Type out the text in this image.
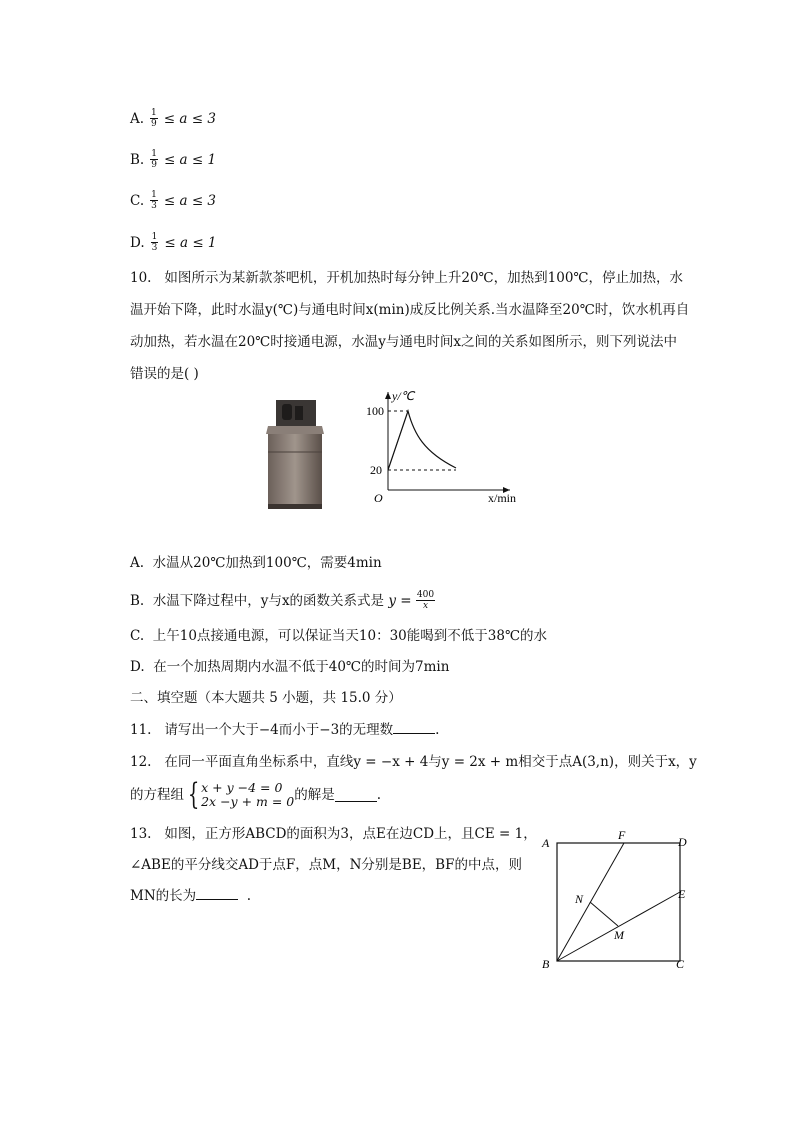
A. $\frac{1}{9} \le a \le 3$
B. $\frac{1}{9} \le a \le 1$
C. $\frac{1}{3} \le a \le 3$
D. $\frac{1}{3} \le a \le 1$
10. 如图所示为某新款茶吧机，开机加热时每分钟上升20℃，加热到100℃，停止加热，水
温开始下降，此时水温y(℃)与通电时间x(min)成反比例关系.当水温降至20℃时，饮水机再自
动加热，若水温在20℃时接通电源，水温y与通电时间x之间的关系如图所示，则下列说法中
错误的是( )
y/℃
100
20
O	x/min
A. 水温从20℃加热到100℃，需要4min
B.
水温下降过程中，y与x的函数关系式是
y =
$\frac{400}{x}$
C. 上午10点接通电源，可以保证当天10：30能喝到不低于38℃的水
D. 在一个加热周期内水温不低于40℃的时间为7min
二、填空题（本大题共 5 小题，共 15.0 分）
11. 请写出一个大于−4而小于−3的无理数	.
12. 在同一平面直角坐标系中，直线y = −x + 4与y = 2x + m相交于点A(3,n)，则关于x，y
的方程组 { x + y −4 = 0
2x −y + m = 0 的解是	.
13. 如图，正方形ABCD的面积为3，点E在边CD上，且CE = 1，
∠ABE的平分线交AD于点F，点M，N分别是BE，BF的中点，则
MN的长为	.
A
B	C
D
E
F
M
N
